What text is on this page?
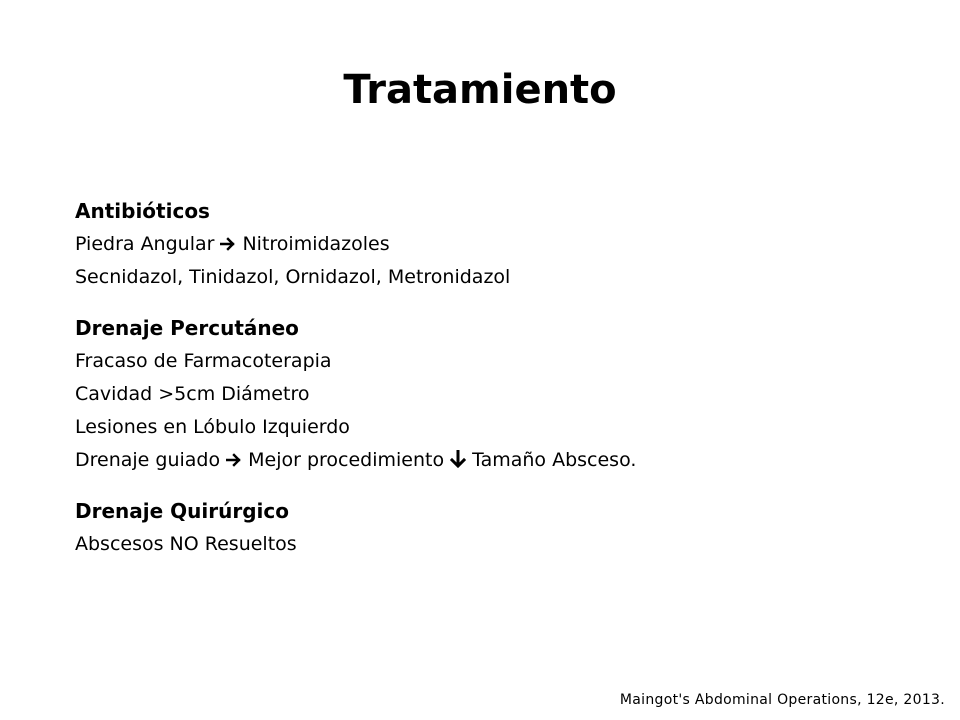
Tratamiento
Antibióticos
Piedra Angular Nitroimidazoles
Secnidazol, Tinidazol, Ornidazol, Metronidazol
Drenaje Percutáneo
Fracaso de Farmacoterapia
Cavidad >5cm Diámetro
Lesiones en Lóbulo Izquierdo
Drenaje guiado Mejor procedimiento Tamaño Absceso.
Drenaje Quirúrgico
Abscesos NO Resueltos
Maingot's Abdominal Operations, 12e, 2013.
